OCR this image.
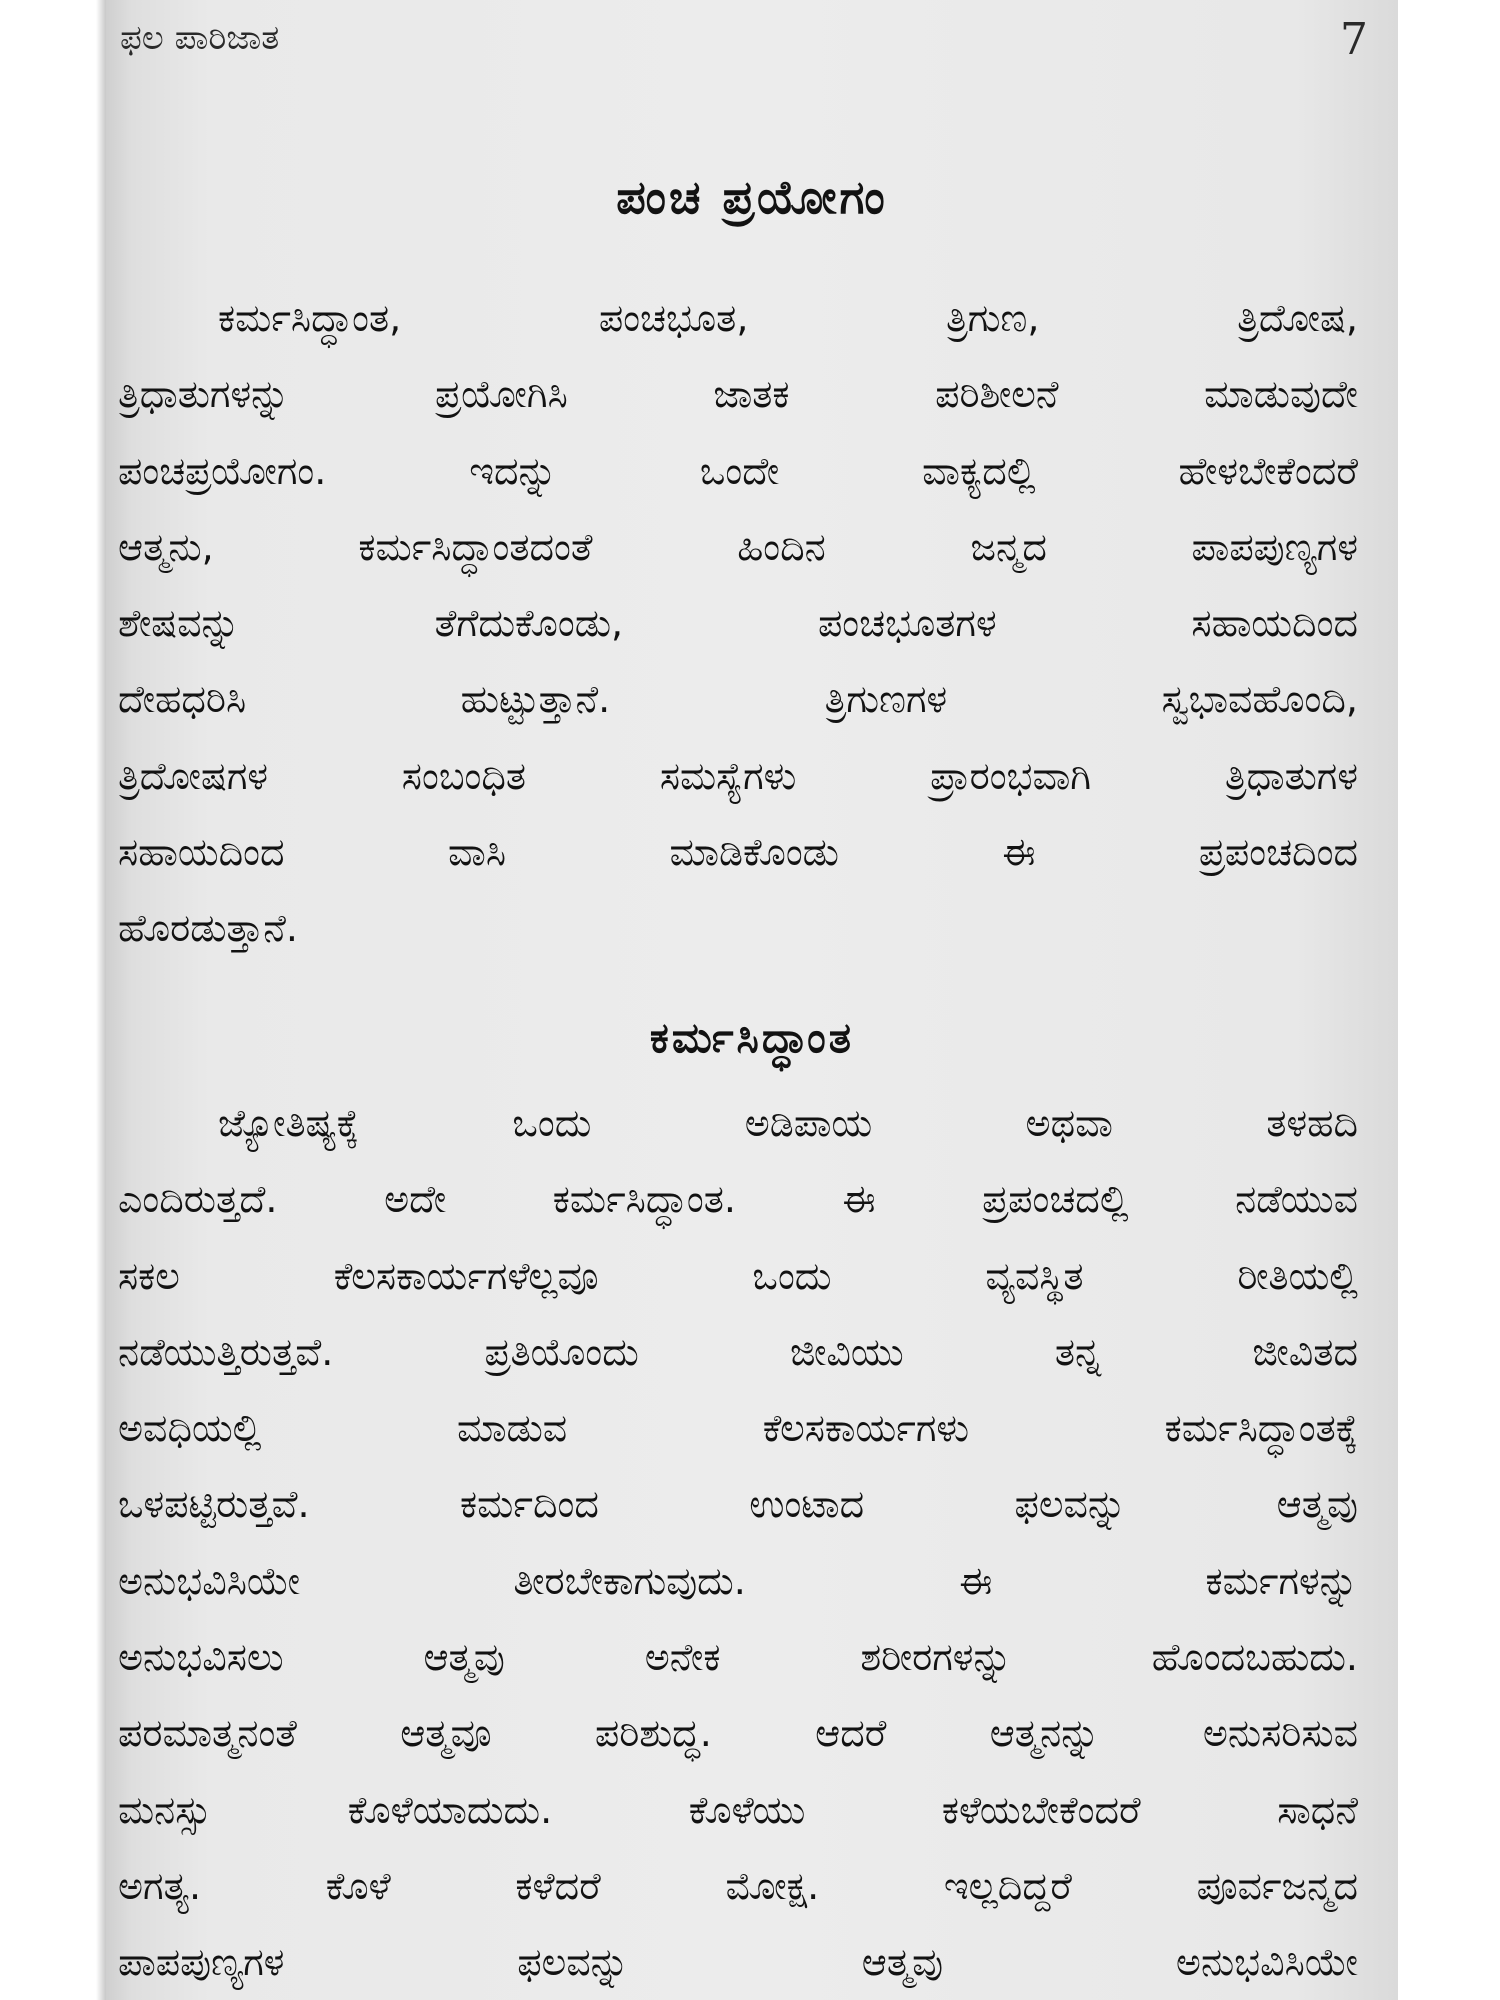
ಫಲ ಪಾರಿಜಾತ	7
ಪಂಚ ಪ್ರಯೋಗಂ
ಕರ್ಮಸಿದ್ಧಾಂತ, ಪಂಚಭೂತ, ತ್ರಿಗುಣ, ತ್ರಿದೋಷ,
ತ್ರಿಧಾತುಗಳನ್ನು ಪ್ರಯೋಗಿಸಿ ಜಾತಕ ಪರಿಶೀಲನೆ ಮಾಡುವುದೇ
ಪಂಚಪ್ರಯೋಗಂ. ಇದನ್ನು ಒಂದೇ ವಾಕ್ಯದಲ್ಲಿ ಹೇಳಬೇಕೆಂದರೆ
ಆತ್ಮನು, ಕರ್ಮಸಿದ್ಧಾಂತದಂತೆ ಹಿಂದಿನ ಜನ್ಮದ ಪಾಪಪುಣ್ಯಗಳ
ಶೇಷವನ್ನು ತೆಗೆದುಕೊಂಡು, ಪಂಚಭೂತಗಳ ಸಹಾಯದಿಂದ
ದೇಹಧರಿಸಿ ಹುಟ್ಟುತ್ತಾನೆ. ತ್ರಿಗುಣಗಳ ಸ್ವಭಾವಹೊಂದಿ,
ತ್ರಿದೋಷಗಳ ಸಂಬಂಧಿತ ಸಮಸ್ಯೆಗಳು ಪ್ರಾರಂಭವಾಗಿ ತ್ರಿಧಾತುಗಳ
ಸಹಾಯದಿಂದ ವಾಸಿ ಮಾಡಿಕೊಂಡು ಈ ಪ್ರಪಂಚದಿಂದ
ಹೊರಡುತ್ತಾನೆ.
ಕರ್ಮಸಿದ್ಧಾಂತ
ಜ್ಯೋತಿಷ್ಯಕ್ಕೆ ಒಂದು ಅಡಿಪಾಯ ಅಥವಾ ತಳಹದಿ
ಎಂದಿರುತ್ತದೆ. ಅದೇ ಕರ್ಮಸಿದ್ಧಾಂತ. ಈ ಪ್ರಪಂಚದಲ್ಲಿ ನಡೆಯುವ
ಸಕಲ ಕೆಲಸಕಾರ್ಯಗಳೆಲ್ಲವೂ ಒಂದು ವ್ಯವಸ್ಥಿತ ರೀತಿಯಲ್ಲಿ
ನಡೆಯುತ್ತಿರುತ್ತವೆ. ಪ್ರತಿಯೊಂದು ಜೀವಿಯು ತನ್ನ ಜೀವಿತದ
ಅವಧಿಯಲ್ಲಿ ಮಾಡುವ ಕೆಲಸಕಾರ್ಯಗಳು ಕರ್ಮಸಿದ್ಧಾಂತಕ್ಕೆ
ಒಳಪಟ್ಟಿರುತ್ತವೆ. ಕರ್ಮದಿಂದ ಉಂಟಾದ ಫಲವನ್ನು ಆತ್ಮವು
ಅನುಭವಿಸಿಯೇ ತೀರಬೇಕಾಗುವುದು. ಈ ಕರ್ಮಗಳನ್ನು
ಅನುಭವಿಸಲು ಆತ್ಮವು ಅನೇಕ ಶರೀರಗಳನ್ನು ಹೊಂದಬಹುದು.
ಪರಮಾತ್ಮನಂತೆ ಆತ್ಮವೂ ಪರಿಶುದ್ಧ. ಆದರೆ ಆತ್ಮನನ್ನು ಅನುಸರಿಸುವ
ಮನಸ್ಸು ಕೊಳೆಯಾದುದು. ಕೊಳೆಯು ಕಳೆಯಬೇಕೆಂದರೆ ಸಾಧನೆ
ಅಗತ್ಯ. ಕೊಳೆ ಕಳೆದರೆ ಮೋಕ್ಷ. ಇಲ್ಲದಿದ್ದರೆ ಪೂರ್ವಜನ್ಮದ
ಪಾಪಪುಣ್ಯಗಳ ಫಲವನ್ನು ಆತ್ಮವು ಅನುಭವಿಸಿಯೇ
